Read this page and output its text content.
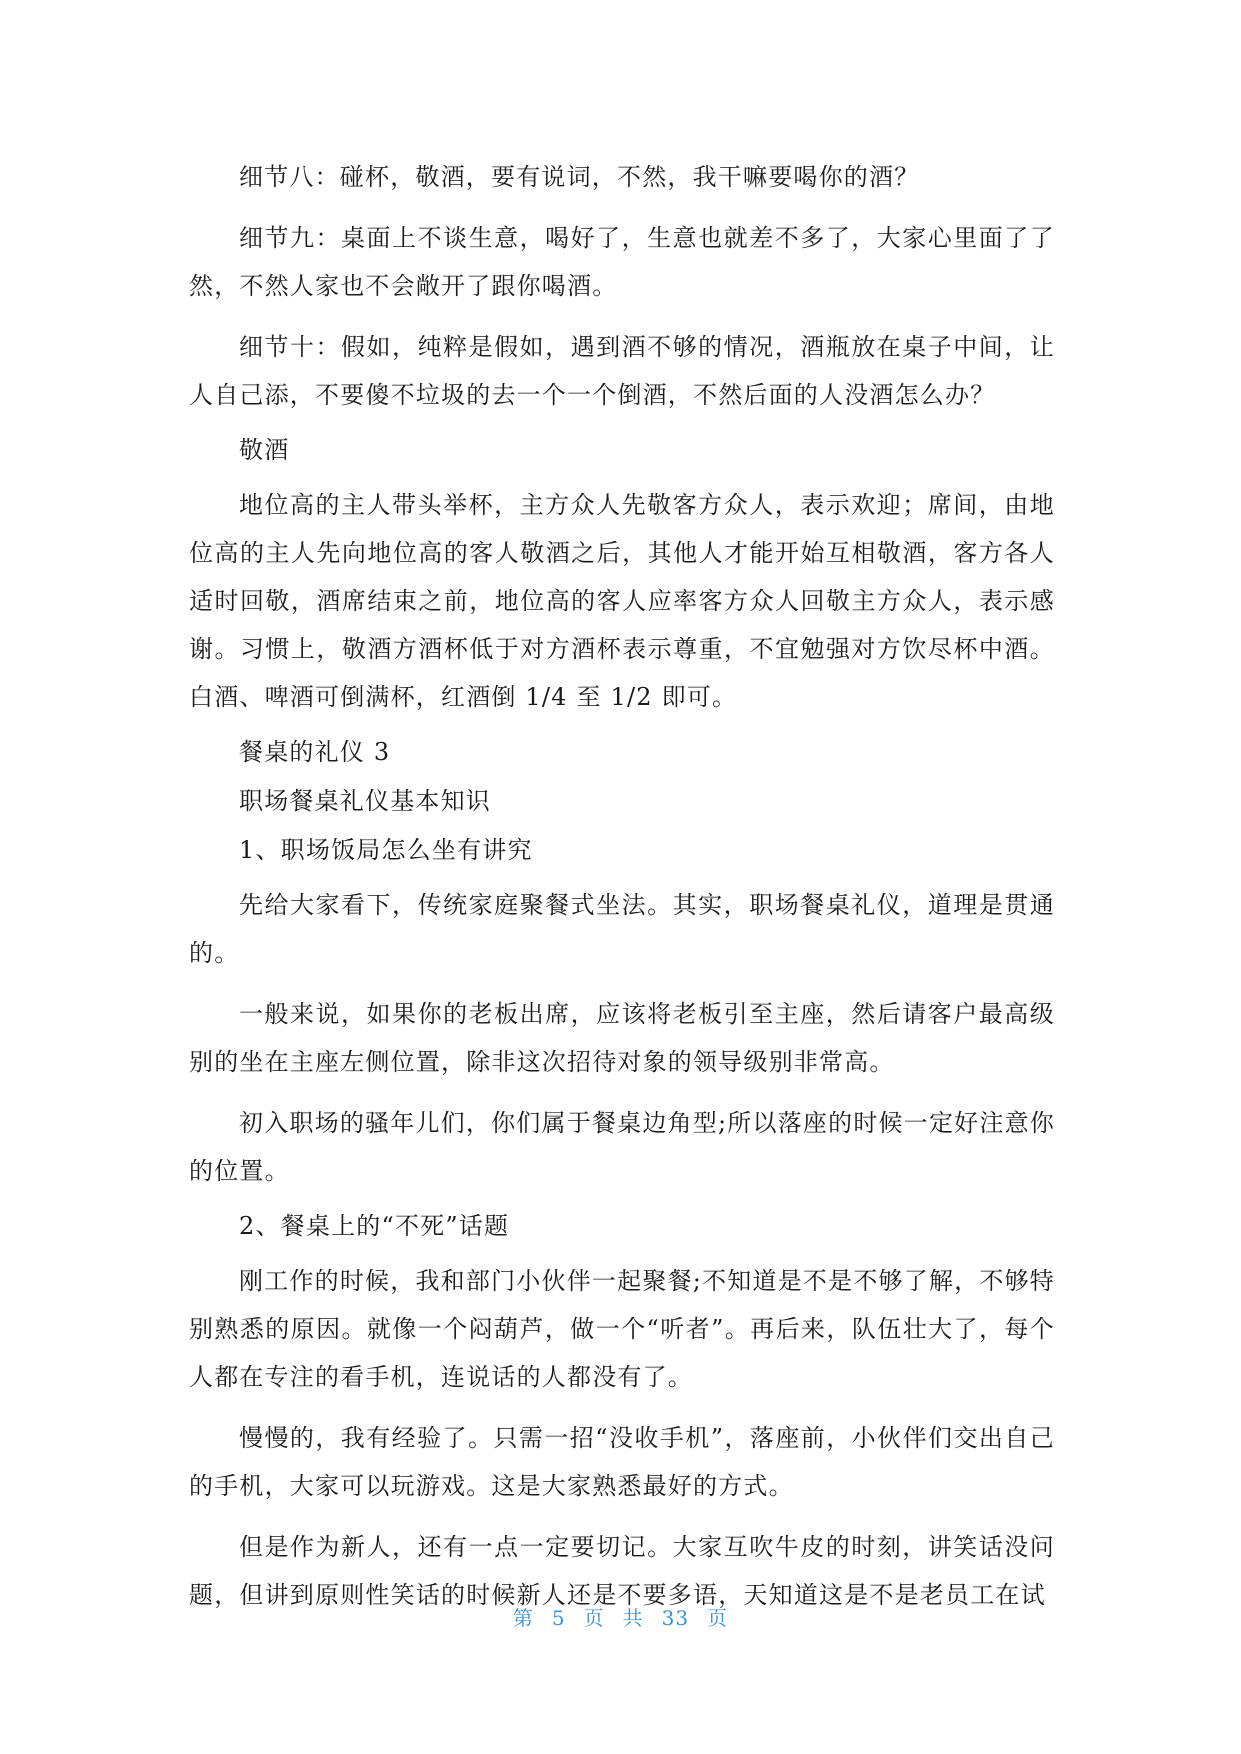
细节八：碰杯，敬酒，要有说词，不然，我干嘛要喝你的酒？

细节九：桌面上不谈生意，喝好了，生意也就差不多了，大家心里面了了然，不然人家也不会敞开了跟你喝酒。

细节十：假如，纯粹是假如，遇到酒不够的情况，酒瓶放在桌子中间，让人自己添，不要傻不垃圾的去一个一个倒酒，不然后面的人没酒怎么办？

敬酒

地位高的主人带头举杯，主方众人先敬客方众人，表示欢迎；席间，由地位高的主人先向地位高的客人敬酒之后，其他人才能开始互相敬酒，客方各人适时回敬，酒席结束之前，地位高的客人应率客方众人回敬主方众人，表示感谢。习惯上，敬酒方酒杯低于对方酒杯表示尊重，不宜勉强对方饮尽杯中酒。白酒、啤酒可倒满杯，红酒倒 1/4 至 1/2 即可。

餐桌的礼仪 3

职场餐桌礼仪基本知识

1、职场饭局怎么坐有讲究

先给大家看下，传统家庭聚餐式坐法。其实，职场餐桌礼仪，道理是贯通的。

一般来说，如果你的老板出席，应该将老板引至主座，然后请客户最高级别的坐在主座左侧位置，除非这次招待对象的领导级别非常高。

初入职场的骚年儿们，你们属于餐桌边角型;所以落座的时候一定好注意你的位置。

2、餐桌上的“不死”话题

刚工作的时候，我和部门小伙伴一起聚餐;不知道是不是不够了解，不够特别熟悉的原因。就像一个闷葫芦，做一个“听者”。再后来，队伍壮大了，每个人都在专注的看手机，连说话的人都没有了。

慢慢的，我有经验了。只需一招“没收手机”，落座前，小伙伴们交出自己的手机，大家可以玩游戏。这是大家熟悉最好的方式。

但是作为新人，还有一点一定要切记。大家互吹牛皮的时刻，讲笑话没问题，但讲到原则性笑话的时候新人还是不要多语，天知道这是不是老员工在试

第 5 页 共 33 页
